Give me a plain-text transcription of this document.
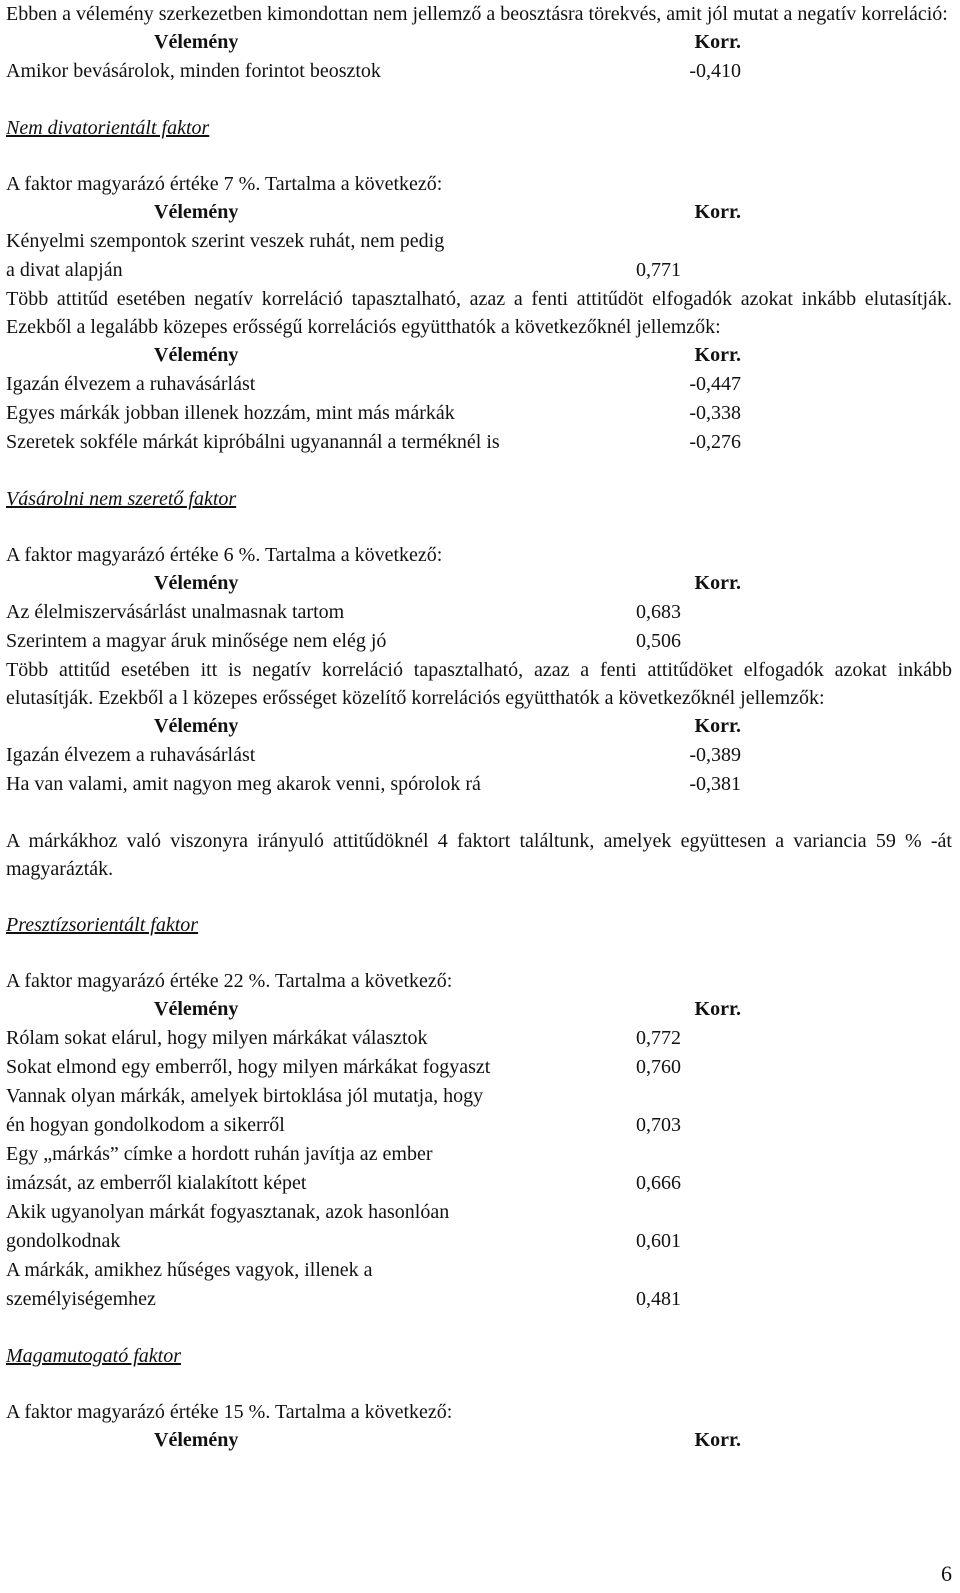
Ebben a vélemény szerkezetben kimondottan nem jellemző a beosztásra törekvés, amit jól mutat a negatív korreláció:

Vélemény	Korr.
Amikor bevásárolok, minden forintot beosztok	-0,410

Nem divatorientált faktor

A faktor magyarázó értéke 7 %. Tartalma a következő:

Vélemény	Korr.
Kényelmi szempontok szerint veszek ruhát, nem pedig	
a divat alapján	0,771

Több attitűd esetében negatív korreláció tapasztalható, azaz a fenti attitűdöt elfogadók azokat inkább elutasítják. Ezekből a legalább közepes erősségű korrelációs együtthatók a következőknél jellemzők:

Vélemény	Korr.
Igazán élvezem a ruhavásárlást	-0,447
Egyes márkák jobban illenek hozzám, mint más márkák	-0,338
Szeretek sokféle márkát kipróbálni ugyanannál a terméknél is	-0,276

Vásárolni nem szerető faktor

A faktor magyarázó értéke 6 %. Tartalma a következő:

Vélemény	Korr.
Az élelmiszervásárlást unalmasnak tartom	0,683
Szerintem a magyar áruk minősége nem elég jó	0,506

Több attitűd esetében itt is negatív korreláció tapasztalható, azaz a fenti attitűdöket elfogadók azokat inkább elutasítják. Ezekből a l közepes erősséget közelítő korrelációs együtthatók a következőknél jellemzők:

Vélemény	Korr.
Igazán élvezem a ruhavásárlást	-0,389
Ha van valami, amit nagyon meg akarok venni, spórolok rá	-0,381

A márkákhoz való viszonyra irányuló attitűdöknél 4 faktort találtunk, amelyek együttesen a variancia 59 % -át magyarázták.

Presztízsorientált faktor

A faktor magyarázó értéke 22 %. Tartalma a következő:

Vélemény	Korr.
Rólam sokat elárul, hogy milyen márkákat választok	0,772
Sokat elmond egy emberről, hogy milyen márkákat fogyaszt	0,760
Vannak olyan márkák, amelyek birtoklása jól mutatja, hogy	
én hogyan gondolkodom a sikerről	0,703
Egy „márkás” címke a hordott ruhán javítja az ember	
imázsát, az emberről kialakított képet	0,666
Akik ugyanolyan márkát fogyasztanak, azok hasonlóan	
gondolkodnak	0,601
A márkák, amikhez hűséges vagyok, illenek a	
személyiségemhez	0,481

Magamutogató faktor

A faktor magyarázó értéke 15 %. Tartalma a következő:

Vélemény	Korr.
6
